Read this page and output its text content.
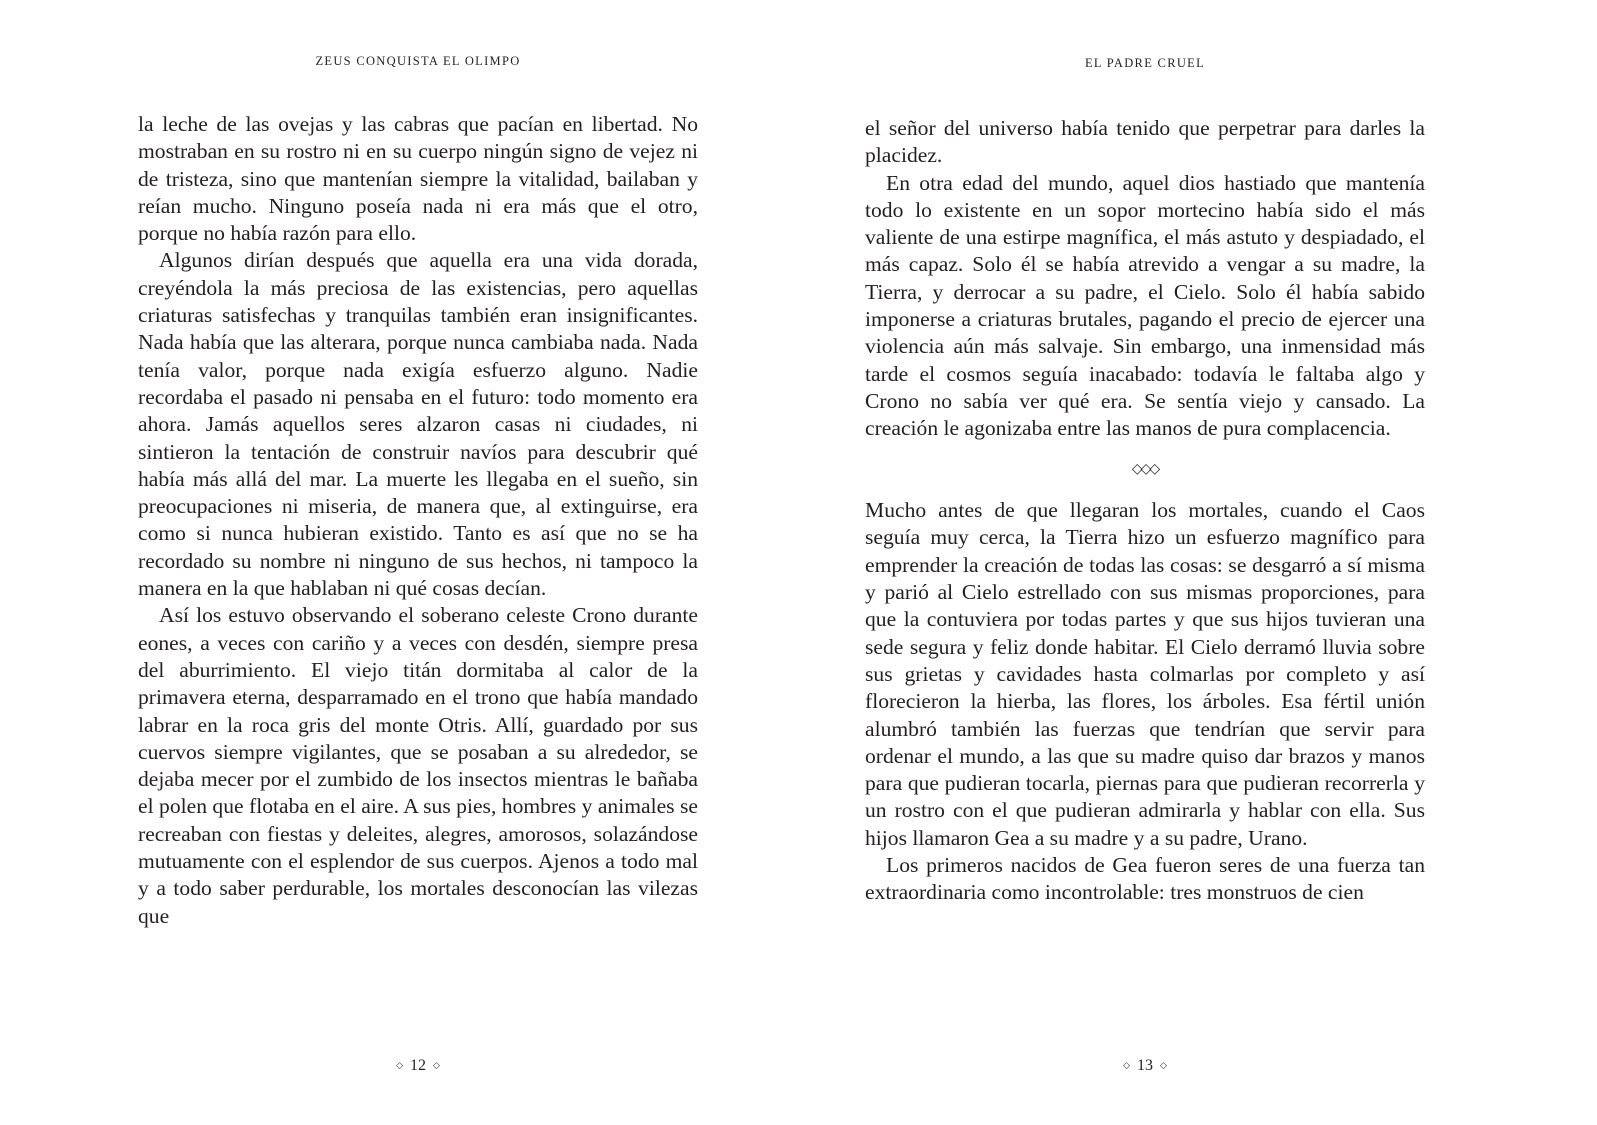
ZEUS CONQUISTA EL OLIMPO

la leche de las ovejas y las cabras que pacían en libertad. No mostraban en su rostro ni en su cuerpo ningún signo de vejez ni de tristeza, sino que mantenían siempre la vitalidad, bailaban y reían mucho. Ninguno poseía nada ni era más que el otro, porque no había razón para ello.

Algunos dirían después que aquella era una vida dorada, creyéndola la más preciosa de las existencias, pero aquellas criaturas satisfechas y tranquilas también eran insignificantes. Nada había que las alterara, porque nunca cambiaba nada. Nada tenía valor, porque nada exigía esfuerzo alguno. Nadie recordaba el pasado ni pensaba en el futuro: todo momento era ahora. Jamás aquellos seres alzaron casas ni ciudades, ni sintieron la tentación de construir navíos para descubrir qué había más allá del mar. La muerte les llegaba en el sueño, sin preocupaciones ni miseria, de manera que, al extinguirse, era como si nunca hubieran existido. Tanto es así que no se ha recordado su nombre ni ninguno de sus hechos, ni tampoco la manera en la que hablaban ni qué cosas decían.

Así los estuvo observando el soberano celeste Crono durante eones, a veces con cariño y a veces con desdén, siempre presa del aburrimiento. El viejo titán dormitaba al calor de la primavera eterna, desparramado en el trono que había mandado labrar en la roca gris del monte Otris. Allí, guardado por sus cuervos siempre vigilantes, que se posaban a su alrededor, se dejaba mecer por el zumbido de los insectos mientras le bañaba el polen que flotaba en el aire. A sus pies, hombres y animales se recreaban con fiestas y deleites, alegres, amorosos, solazándose mutuamente con el esplendor de sus cuerpos. Ajenos a todo mal y a todo saber perdurable, los mortales desconocían las vilezas que

◇ 12 ◇
EL PADRE CRUEL

el señor del universo había tenido que perpetrar para darles la placidez.

En otra edad del mundo, aquel dios hastiado que mantenía todo lo existente en un sopor mortecino había sido el más valiente de una estirpe magnífica, el más astuto y despiadado, el más capaz. Solo él se había atrevido a vengar a su madre, la Tierra, y derrocar a su padre, el Cielo. Solo él había sabido imponerse a criaturas brutales, pagando el precio de ejercer una violencia aún más salvaje. Sin embargo, una inmensidad más tarde el cosmos seguía inacabado: todavía le faltaba algo y Crono no sabía ver qué era. Se sentía viejo y cansado. La creación le agonizaba entre las manos de pura complacencia.

◇◇◇

Mucho antes de que llegaran los mortales, cuando el Caos seguía muy cerca, la Tierra hizo un esfuerzo magnífico para emprender la creación de todas las cosas: se desgarró a sí misma y parió al Cielo estrellado con sus mismas proporciones, para que la contuviera por todas partes y que sus hijos tuvieran una sede segura y feliz donde habitar. El Cielo derramó lluvia sobre sus grietas y cavidades hasta colmarlas por completo y así florecieron la hierba, las flores, los árboles. Esa fértil unión alumbró también las fuerzas que tendrían que servir para ordenar el mundo, a las que su madre quiso dar brazos y manos para que pudieran tocarla, piernas para que pudieran recorrerla y un rostro con el que pudieran admirarla y hablar con ella. Sus hijos llamaron Gea a su madre y a su padre, Urano.

Los primeros nacidos de Gea fueron seres de una fuerza tan extraordinaria como incontrolable: tres monstruos de cien

◇ 13 ◇
